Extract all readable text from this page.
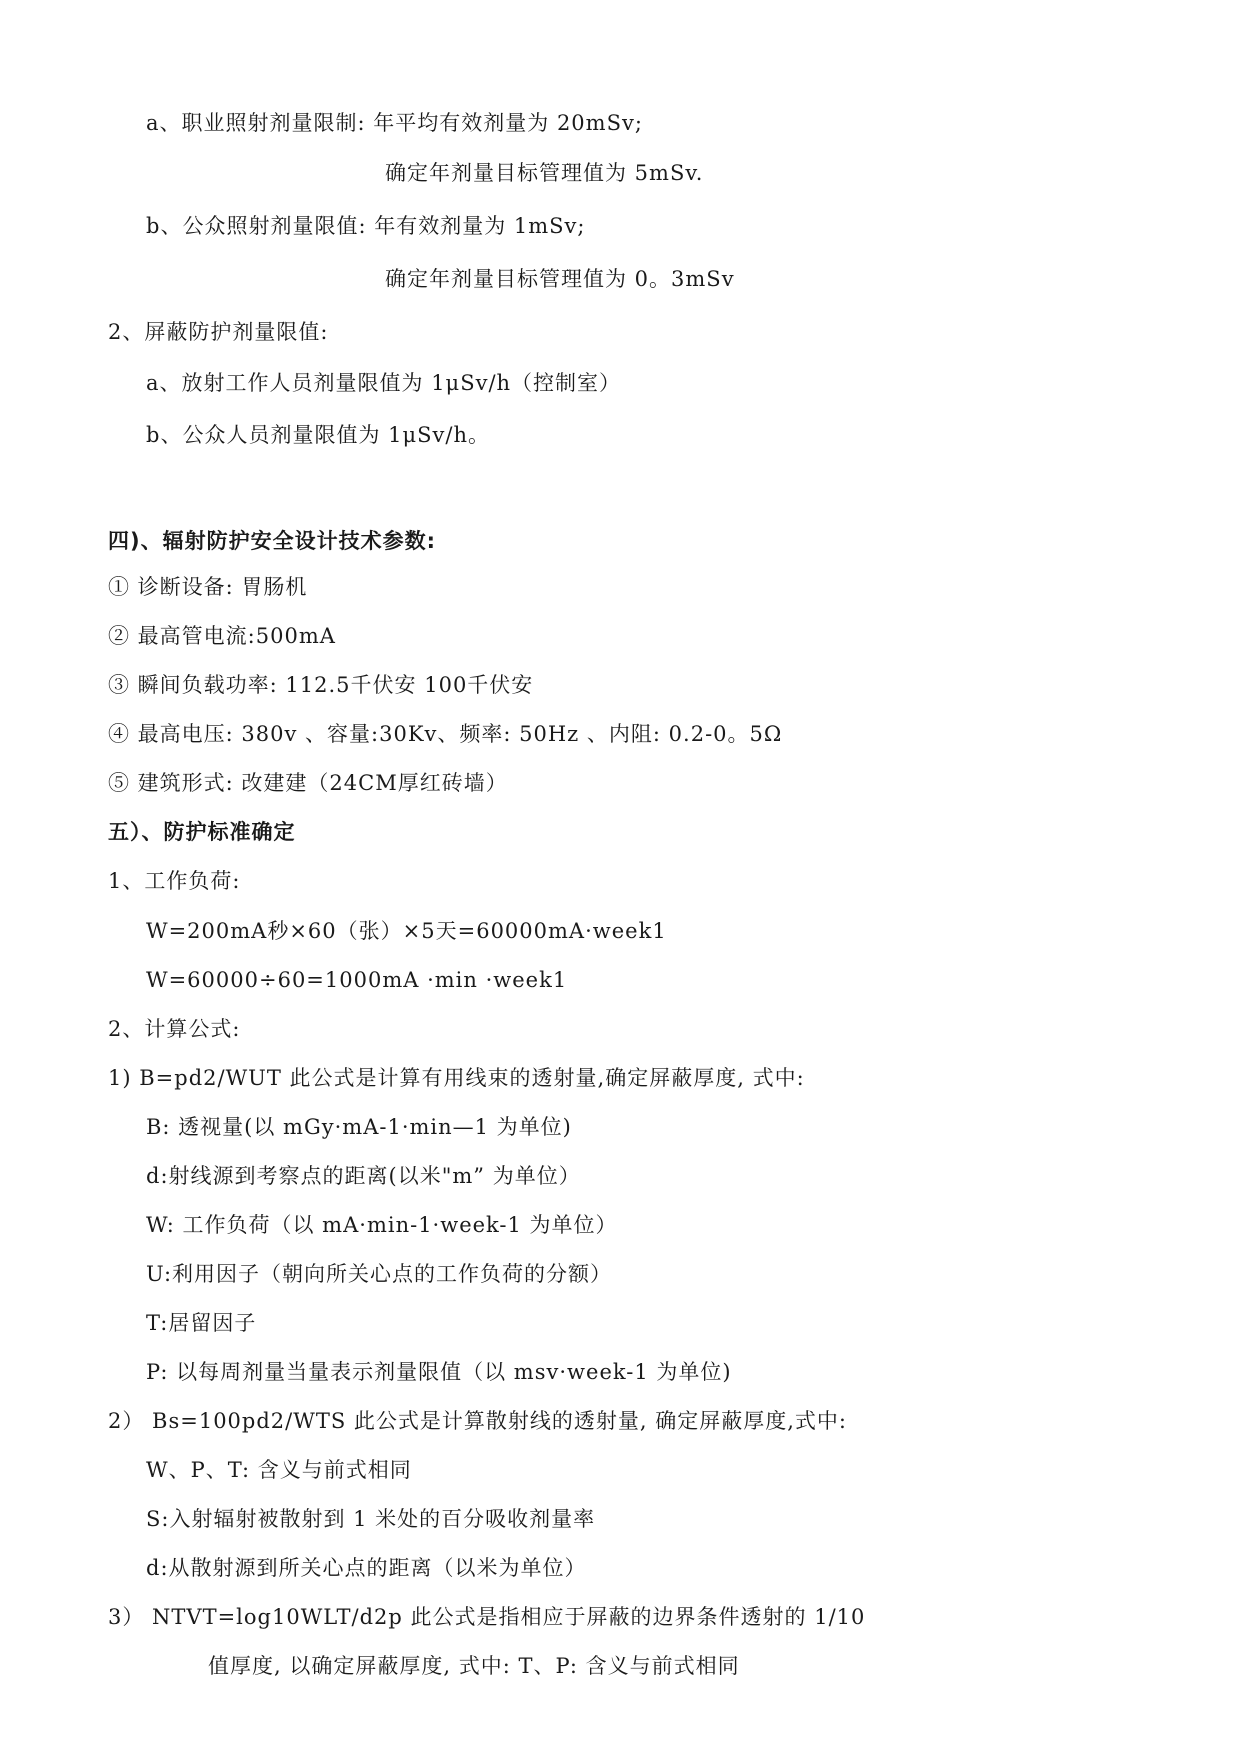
a、职业照射剂量限制: 年平均有效剂量为 20mSv;
确定年剂量目标管理值为 5mSv.
b、公众照射剂量限值: 年有效剂量为 1mSv;
确定年剂量目标管理值为 0。3mSv
2、屏蔽防护剂量限值:
a、放射工作人员剂量限值为 1μSv/h（控制室）
b、公众人员剂量限值为 1μSv/h。
四)、辐射防护安全设计技术参数:
① 诊断设备: 胃肠机
② 最高管电流:500mA
③ 瞬间负载功率: 112.5千伏安 100千伏安
④ 最高电压: 380v 、容量:30Kv、频率: 50Hz 、内阻: 0.2-0。5Ω
⑤ 建筑形式: 改建建（24CM厚红砖墙）
五）、防护标准确定
1、工作负荷:
W=200mA秒×60（张）×5天=60000mA·week1
W=60000÷60=1000mA ·min ·week1
2、计算公式:
1) B=pd2/WUT 此公式是计算有用线束的透射量,确定屏蔽厚度, 式中:
B: 透视量(以 mGy·mA-1·min—1 为单位)
d:射线源到考察点的距离(以米"m” 为单位）
W: 工作负荷（以 mA·min-1·week-1 为单位）
U:利用因子（朝向所关心点的工作负荷的分额）
T:居留因子
P: 以每周剂量当量表示剂量限值（以 msv·week-1 为单位)
2） Bs=100pd2/WTS 此公式是计算散射线的透射量, 确定屏蔽厚度,式中:
W、P、T: 含义与前式相同
S:入射辐射被散射到 1 米处的百分吸收剂量率
d:从散射源到所关心点的距离（以米为单位）
3） NTVT=log10WLT/d2p 此公式是指相应于屏蔽的边界条件透射的 1/10
值厚度, 以确定屏蔽厚度, 式中: T、P: 含义与前式相同
